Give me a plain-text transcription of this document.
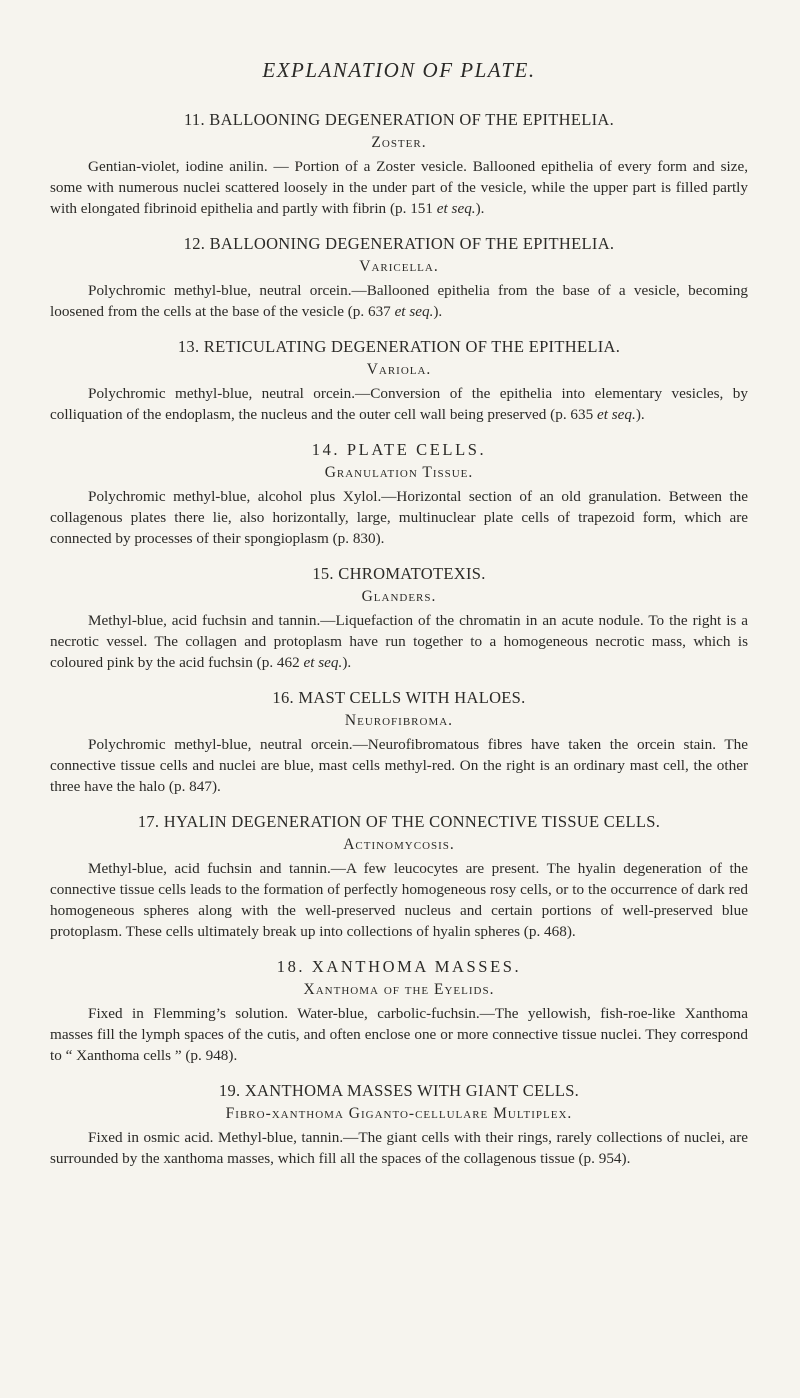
EXPLANATION OF PLATE.

11. BALLOONING DEGENERATION OF THE EPITHELIA.

Zoster.

Gentian-violet, iodine anilin. — Portion of a Zoster vesicle. Ballooned epithelia of every form and size, some with numerous nuclei scattered loosely in the under part of the vesicle, while the upper part is filled partly with elongated fibrinoid epithelia and partly with fibrin (p. 151 et seq.).

12. BALLOONING DEGENERATION OF THE EPITHELIA.

Varicella.

Polychromic methyl-blue, neutral orcein.—Ballooned epithelia from the base of a vesicle, becoming loosened from the cells at the base of the vesicle (p. 637 et seq.).

13. RETICULATING DEGENERATION OF THE EPITHELIA.

Variola.

Polychromic methyl-blue, neutral orcein.—Conversion of the epithelia into elementary vesicles, by colliquation of the endoplasm, the nucleus and the outer cell wall being preserved (p. 635 et seq.).

14. PLATE CELLS.

Granulation Tissue.

Polychromic methyl-blue, alcohol plus Xylol.—Horizontal section of an old granulation. Between the collagenous plates there lie, also horizontally, large, multinuclear plate cells of trapezoid form, which are connected by processes of their spongioplasm (p. 830).

15. CHROMATOTEXIS.

Glanders.

Methyl-blue, acid fuchsin and tannin.—Liquefaction of the chromatin in an acute nodule. To the right is a necrotic vessel. The collagen and protoplasm have run together to a homogeneous necrotic mass, which is coloured pink by the acid fuchsin (p. 462 et seq.).

16. MAST CELLS WITH HALOES.

Neurofibroma.

Polychromic methyl-blue, neutral orcein.—Neurofibromatous fibres have taken the orcein stain. The connective tissue cells and nuclei are blue, mast cells methyl-red. On the right is an ordinary mast cell, the other three have the halo (p. 847).

17. HYALIN DEGENERATION OF THE CONNECTIVE TISSUE CELLS.

Actinomycosis.

Methyl-blue, acid fuchsin and tannin.—A few leucocytes are present. The hyalin degeneration of the connective tissue cells leads to the formation of perfectly homogeneous rosy cells, or to the occurrence of dark red homogeneous spheres along with the well-preserved nucleus and certain portions of well-preserved blue protoplasm. These cells ultimately break up into collections of hyalin spheres (p. 468).

18. XANTHOMA MASSES.

Xanthoma of the Eyelids.

Fixed in Flemming’s solution. Water-blue, carbolic-fuchsin.—The yellowish, fish-roe-like Xanthoma masses fill the lymph spaces of the cutis, and often enclose one or more connective tissue nuclei. They correspond to “ Xanthoma cells ” (p. 948).

19. XANTHOMA MASSES WITH GIANT CELLS.

Fibro-xanthoma Giganto-cellulare Multiplex.

Fixed in osmic acid. Methyl-blue, tannin.—The giant cells with their rings, rarely collections of nuclei, are surrounded by the xanthoma masses, which fill all the spaces of the collagenous tissue (p. 954).
